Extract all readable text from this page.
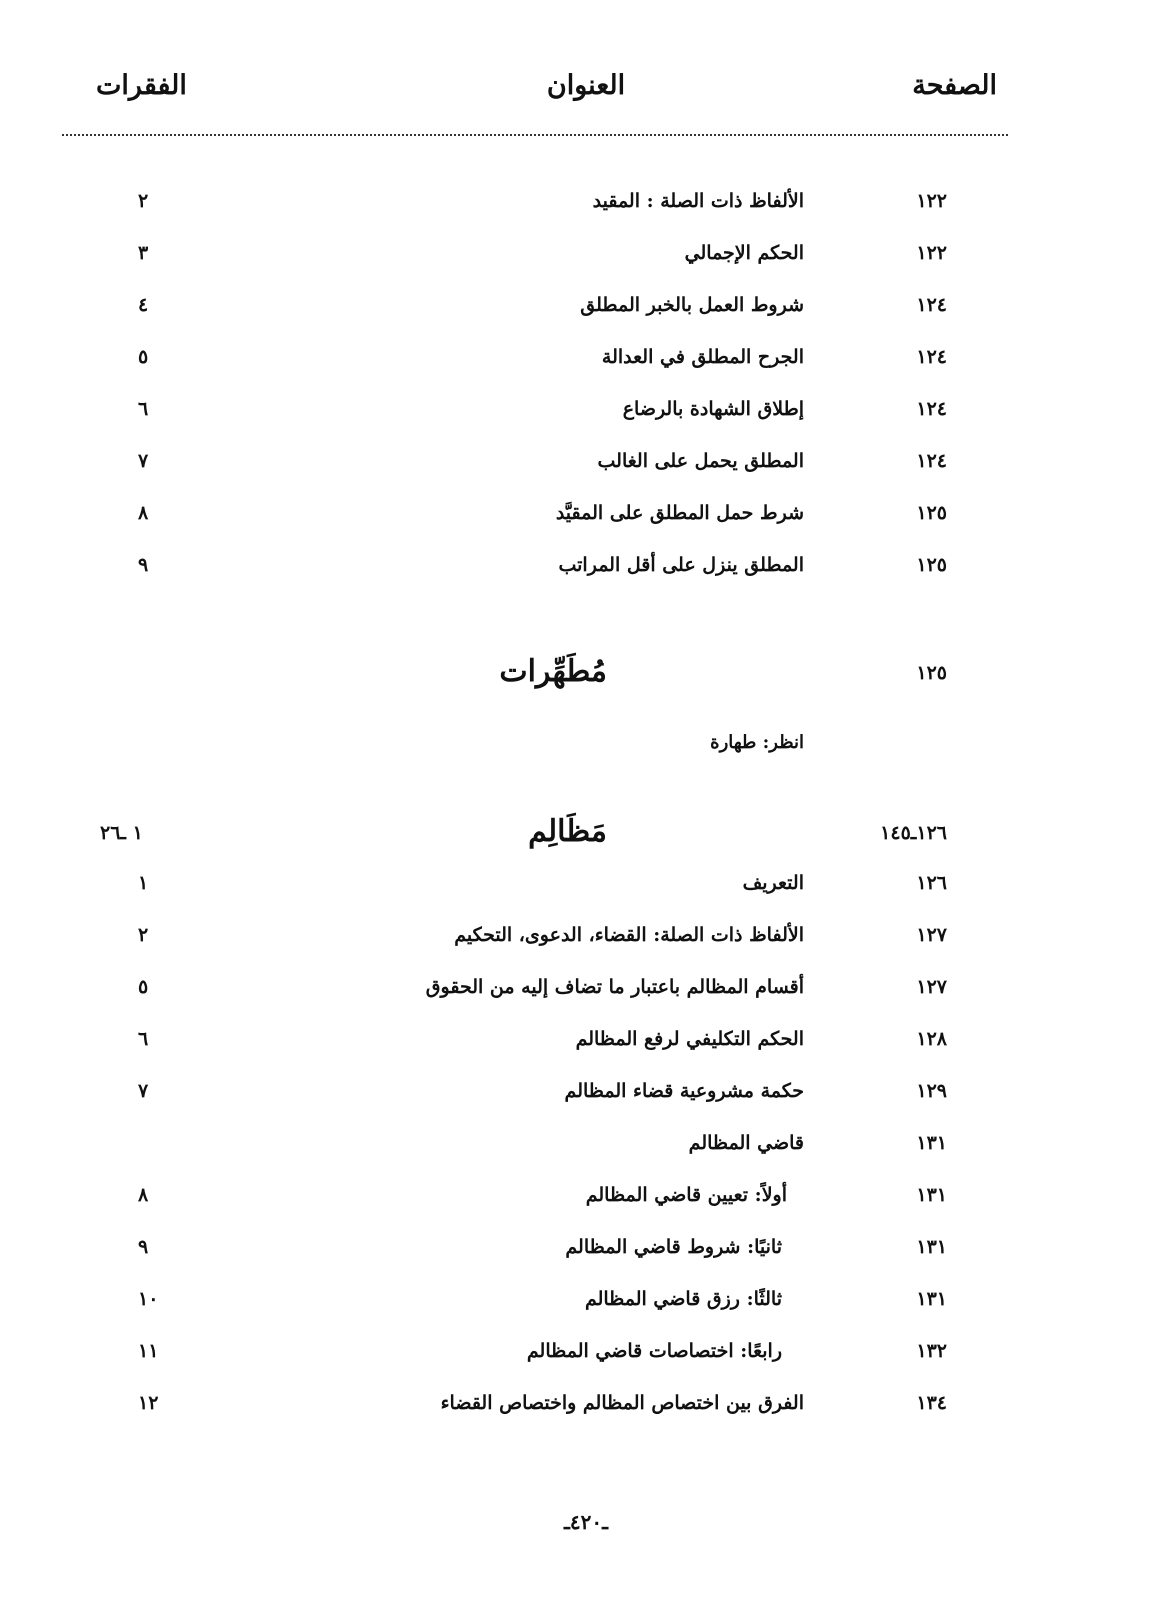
الصفحة
العنوان
الفقرات
١٢٢
الألفاظ ذات الصلة : المقيد
٢
١٢٢
الحكم الإجمالي
٣
١٢٤
شروط العمل بالخبر المطلق
٤
١٢٤
الجرح المطلق في العدالة
٥
١٢٤
إطلاق الشهادة بالرضاع
٦
١٢٤
المطلق يحمل على الغالب
٧
١٢٥
شرط حمل المطلق على المقيَّد
٨
١٢٥
المطلق ينزل على أقل المراتب
٩
١٢٥
مُطَهِّرات
انظر: طهارة
١٢٦ـ١٤٥
مَظَالِم
١ ـ٢٦
١٢٦
التعريف
١
١٢٧
الألفاظ ذات الصلة: القضاء، الدعوى، التحكيم
٢
١٢٧
أقسام المظالم باعتبار ما تضاف إليه من الحقوق
٥
١٢٨
الحكم التكليفي لرفع المظالم
٦
١٢٩
حكمة مشروعية قضاء المظالم
٧
١٣١
قاضي المظالم
١٣١
أولاً: تعيين قاضي المظالم
٨
١٣١
ثانيًا: شروط قاضي المظالم
٩
١٣١
ثالثًا: رزق قاضي المظالم
١٠
١٣٢
رابعًا: اختصاصات قاضي المظالم
١١
١٣٤
الفرق بين اختصاص المظالم واختصاص القضاء
١٢
ـ٤٢٠ـ
